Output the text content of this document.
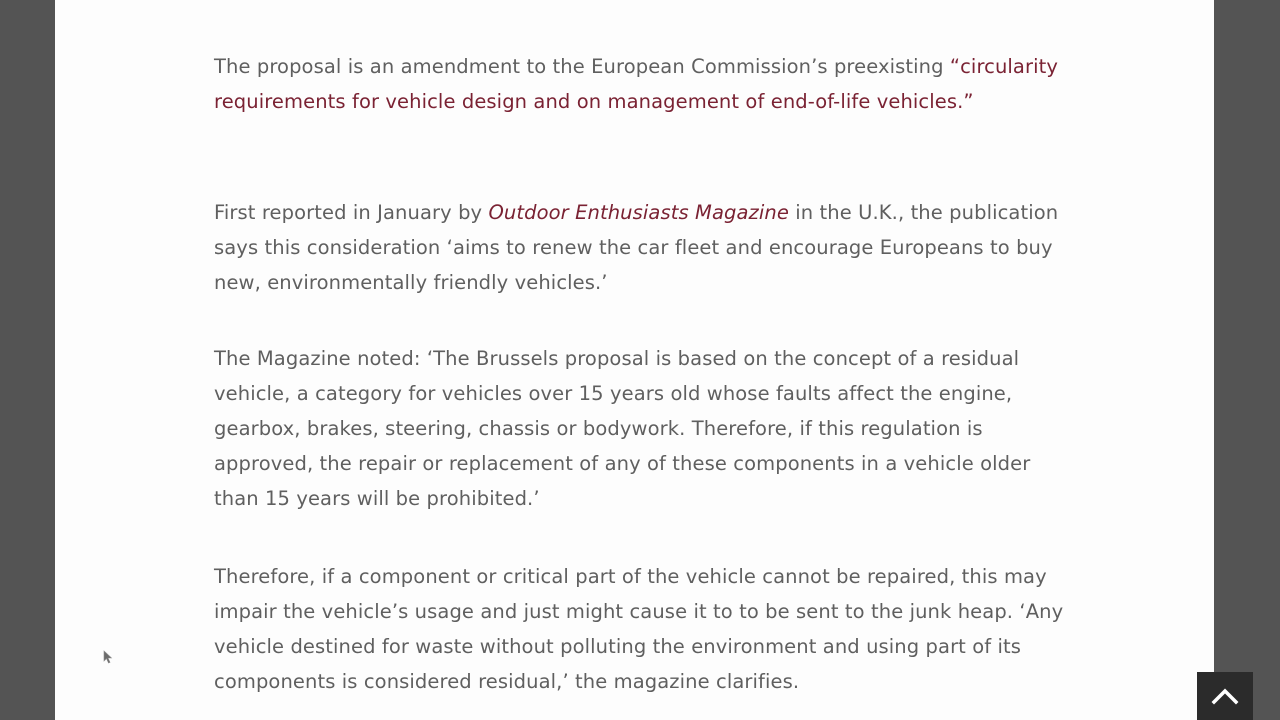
The proposal is an amendment to the European Commission’s preexisting “circularity requirements for vehicle design and on management of end-of-life vehicles.”

First reported in January by Outdoor Enthusiasts Magazine in the U.K., the publication says this consideration ‘aims to renew the car fleet and encourage Europeans to buy new, environmentally friendly vehicles.’

The Magazine noted: ‘The Brussels proposal is based on the concept of a residual vehicle, a category for vehicles over 15 years old whose faults affect the engine, gearbox, brakes, steering, chassis or bodywork. Therefore, if this regulation is approved, the repair or replacement of any of these components in a vehicle older than 15 years will be prohibited.’

Therefore, if a component or critical part of the vehicle cannot be repaired, this may impair the vehicle’s usage and just might cause it to to be sent to the junk heap. ‘Any vehicle destined for waste without polluting the environment and using part of its components is considered residual,’ the magazine clarifies.
